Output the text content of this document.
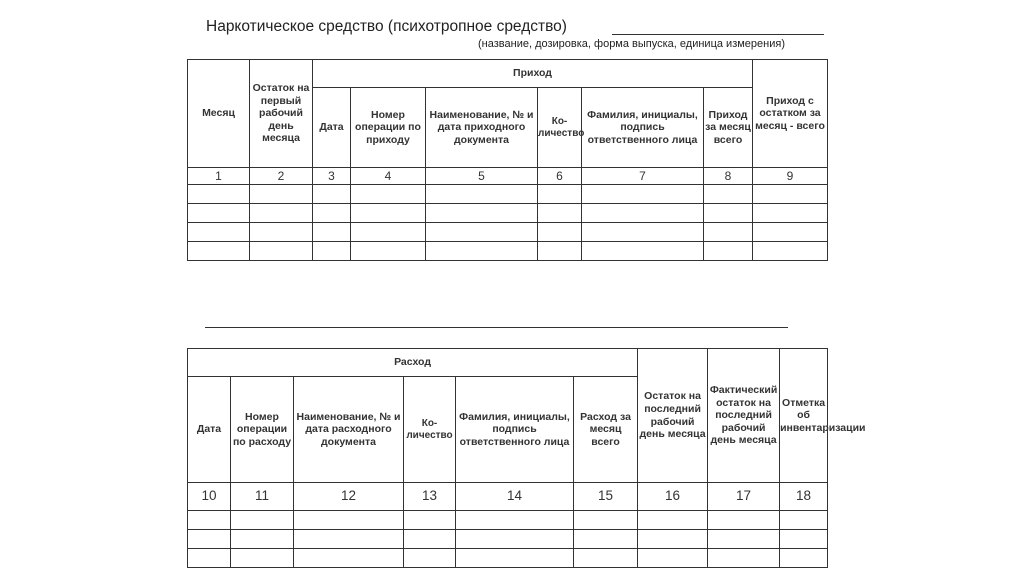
Наркотическое средство (психотропное средство)
(название, дозировка, форма выпуска, единица измерения)
Месяц	Остаток на первый рабочий день месяца	Приход						Приход с остатком за месяц - всего
		Дата	Номер операции по приходу	Наименование, № и дата приходного документа	Ко-личество	Фамилия, инициалы, подпись ответственного лица	Приход за месяц всего	
1	2	3	4	5	6	7	8	9

Расход						Остаток на последний рабочий день месяца	Фактический остаток на последний рабочий день месяца	Отметка об инвентаризации
Дата	Номер операции по расходу	Наименование, № и дата расходного документа	Ко-личество	Фамилия, инициалы, подпись ответственного лица	Расход за месяц всего			
10	11	12	13	14	15	16	17	18
